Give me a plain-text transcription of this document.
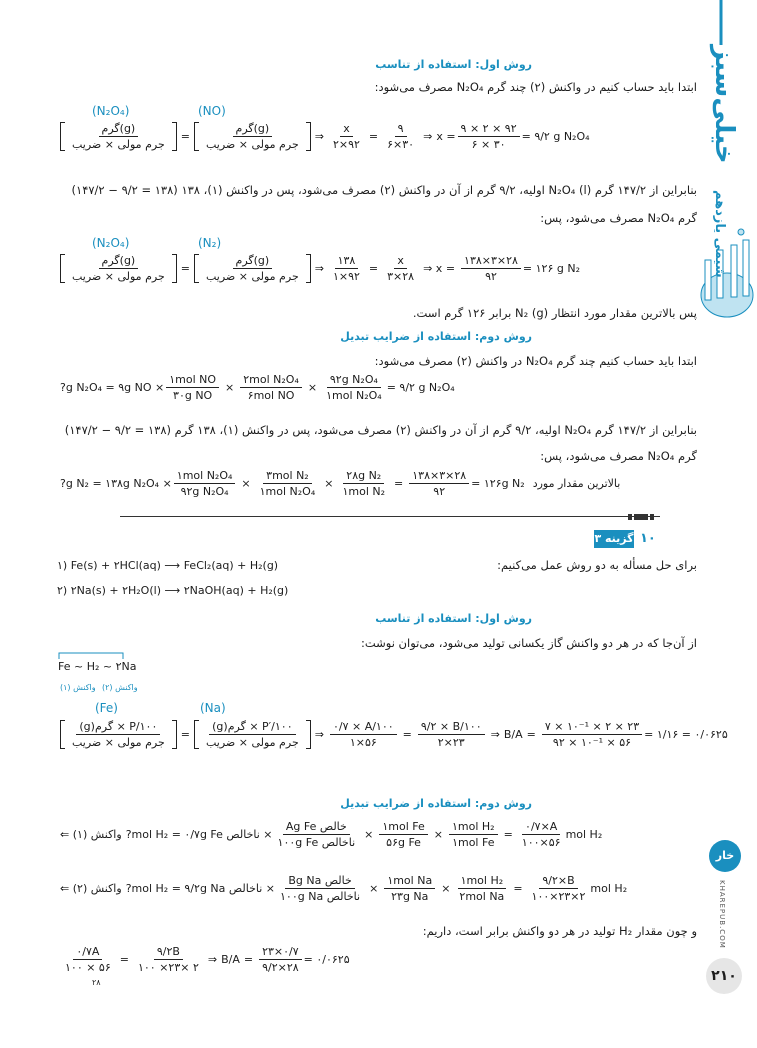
خیلی‌سبز
شیمی یازدهم
خار
KHAREPUB.COM
۲۱۰
روش اول: استفاده از تناسب
ابتدا باید حساب کنیم در واکنش (۲) چند گرم N₂O₄ مصرف می‌شود:
(N₂O₄)	(NO)
$\frac{\text{گرم(g)}}{\text{جرم مولی × ضریب}} = \frac{\text{گرم(g)}}{\text{جرم مولی × ضریب}}$ ⇒ $\frac{x}{۲\times ۹۲} = \frac{۹}{۶\times ۳۰}$ ⇒ $x = \frac{۹ \times ۲ \times ۹۲}{۶ \times ۳۰}$ = ۹/۲ g N₂O₄
بنابراین از ۱۴۷/۲ گرم N₂O₄ (l) اولیه، ۹/۲ گرم از آن در واکنش (۲) مصرف می‌شود، پس در واکنش (۱)، ۱۳۸ (۱۳۸ = ۹/۲ − ۱۴۷/۲)
گرم N₂O₄ مصرف می‌شود، پس:
(N₂O₄)	(N₂)
$\frac{\text{گرم(g)}}{\text{جرم مولی × ضریب}} = \frac{\text{گرم(g)}}{\text{جرم مولی × ضریب}}$ ⇒ $\frac{۱۳۸}{۱\times ۹۲} = \frac{x}{۳\times ۲۸}$ ⇒ $x = \frac{۱۳۸\times ۳\times ۲۸}{۹۲}$ = ۱۲۶ g N₂
پس بالاترین مقدار مورد انتظار N₂ (g) برابر ۱۲۶ گرم است.
روش دوم: استفاده از ضرایب تبدیل
ابتدا باید حساب کنیم چند گرم N₂O₄ در واکنش (۲) مصرف می‌شود:
?g N₂O₄ = ۹g NO × $\frac{\text{۱mol NO}}{\text{۳۰g NO}} \times \frac{\text{۲mol N₂O₄}}{\text{۶mol NO}} \times \frac{\text{۹۲g N₂O₄}}{\text{۱mol N₂O₄}}$ = ۹/۲ g N₂O₄
بنابراین از ۱۴۷/۲ گرم N₂O₄ اولیه، ۹/۲ گرم از آن در واکنش (۲) مصرف می‌شود، پس در واکنش (۱)، ۱۳۸ گرم (۱۳۸ = ۹/۲ − ۱۴۷/۲)
گرم N₂O₄ مصرف می‌شود، پس:
?g N₂ = ۱۳۸g $N_2O_4 \times \frac{\text{۱mol N₂O₄}}{\text{۹۲g N₂O₄}} \times \frac{\text{۳mol N₂}}{\text{۱mol N₂O₄}} \times \frac{\text{۲۸g N₂}}{\text{۱mol N₂}} = \frac{۱۳۸\times ۳\times ۲۸}{۹۲}$ = ۱۲۶g N₂ بالاترین مقدار مورد
گزینه ۳ ۱۰
برای حل مسأله به دو روش عمل می‌کنیم:
۱) Fe(s) + ۲HCl(aq) ⟶ FeCl₂(aq) + H₂(g)
۲) ۲Na(s) + ۲H₂O(l) ⟶ ۲NaOH(aq) + H₂(g)
روش اول: استفاده از تناسب
از آن‌جا که در هر دو واکنش گاز یکسانی تولید می‌شود، می‌توان نوشت:
Fe ~ H₂ ~ ۲Na
واکنش (۱) واکنش (۲)
(Fe)	(Na)
$\frac{\text{(g)گرم × P/۱۰۰}}{\text{جرم مولی × ضریب}} = \frac{\text{(g)گرم × P′/۱۰۰}}{\text{جرم مولی × ضریب}}$ ⇒ $\frac{۰/۷ \times A/۱۰۰}{۱\times ۵۶} = \frac{۹/۲ \times B/۱۰۰}{۲\times ۲۳}$ ⇒ $B/A = \frac{\text{۷ × ۱۰⁻¹ × ۲ × ۲۳}}{\text{۹۲ × ۱۰⁻¹ × ۵۶}}$ = ۱/۱۶ = ۰/۰۶۲۵
روش دوم: استفاده از ضرایب تبدیل
واکنش (۱) ⇐ ?mol H₂ = ۰/۷g Fe ناخالص × $\frac{\text{Ag Fe خالص}}{\text{۱۰۰g Fe ناخالص}} \times \frac{\text{۱mol Fe}}{\text{۵۶g Fe}} \times \frac{\text{۱mol H₂}}{\text{۱mol Fe}} = \frac{۰/۷\times A}{۱۰۰\times ۵۶}$ mol H₂
واکنش (۲) ⇐ ?mol H₂ = ۹/۲g Na ناخالص × $\frac{\text{Bg Na خالص}}{\text{۱۰۰g Na ناخالص}} \times \frac{\text{۱mol Na}}{\text{۲۳g Na}} \times \frac{\text{۱mol H₂}}{\text{۲mol Na}} = \frac{۹/۲\times B}{۱۰۰\times ۲۳\times ۲}$ mol H₂
و چون مقدار H₂ تولید در هر دو واکنش برابر است، داریم:
$\frac{۰/۷A}{۱۰۰ \times ۵۶} = \frac{۹/۲B}{۱۰۰ \times ۲۳\times ۲}$ ⇒ $B/A = \frac{۲۳\times ۰/۷}{۹/۲\times ۲۸}$ = ۰/۰۶۲۵
۲۸
